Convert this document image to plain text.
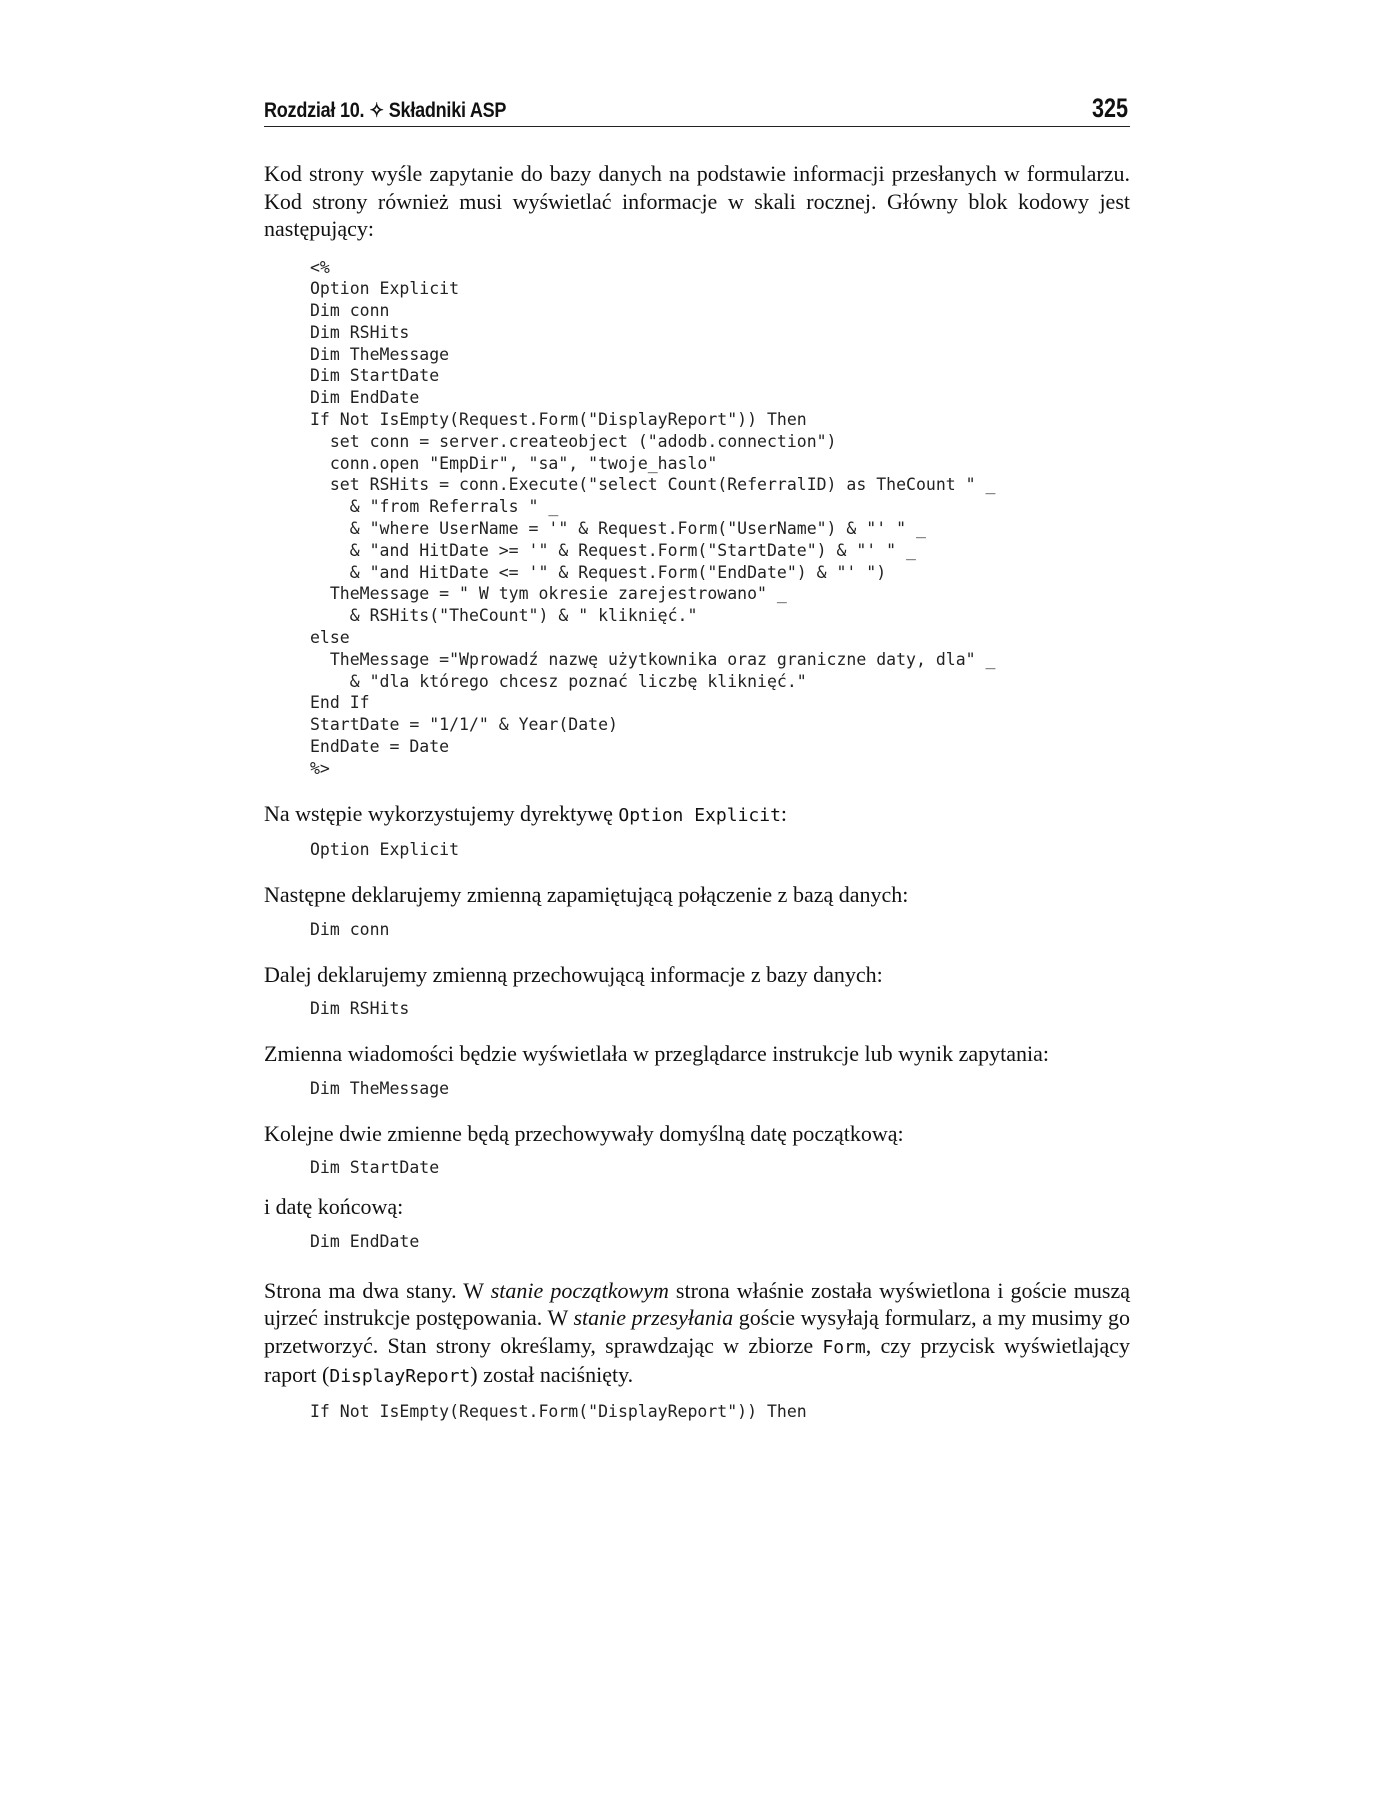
Rozdział 10. ✧ Składniki ASP	325

Kod strony wyśle zapytanie do bazy danych na podstawie informacji przesłanych w formularzu. Kod strony również musi wyświetlać informacje w skali rocznej. Główny blok kodowy jest następujący:

<%
Option Explicit
Dim conn
Dim RSHits
Dim TheMessage
Dim StartDate
Dim EndDate
If Not IsEmpty(Request.Form("DisplayReport")) Then
set conn = server.createobject ("adodb.connection")
conn.open "EmpDir", "sa", "twoje_haslo"
set RSHits = conn.Execute("select Count(ReferralID) as TheCount " _
& "from Referrals " _
& "where UserName = '" & Request.Form("UserName") & "' " _
& "and HitDate >= '" & Request.Form("StartDate") & "' " _
& "and HitDate <= '" & Request.Form("EndDate") & "' ")
TheMessage = " W tym okresie zarejestrowano" _
& RSHits("TheCount") & " kliknięć."
else
TheMessage ="Wprowadź nazwę użytkownika oraz graniczne daty, dla" _
& "dla którego chcesz poznać liczbę kliknięć."
End If
StartDate = "1/1/" & Year(Date)
EndDate = Date
%>

Na wstępie wykorzystujemy dyrektywę Option Explicit:

Option Explicit

Następne deklarujemy zmienną zapamiętującą połączenie z bazą danych:

Dim conn

Dalej deklarujemy zmienną przechowującą informacje z bazy danych:

Dim RSHits

Zmienna wiadomości będzie wyświetlała w przeglądarce instrukcje lub wynik zapytania:

Dim TheMessage

Kolejne dwie zmienne będą przechowywały domyślną datę początkową:

Dim StartDate

i datę końcową:

Dim EndDate

Strona ma dwa stany. W stanie początkowym strona właśnie została wyświetlona i goście muszą ujrzeć instrukcje postępowania. W stanie przesyłania goście wysyłają formularz, a my musimy go przetworzyć. Stan strony określamy, sprawdzając w zbiorze Form, czy przycisk wyświetlający raport (DisplayReport) został naciśnięty.

If Not IsEmpty(Request.Form("DisplayReport")) Then
